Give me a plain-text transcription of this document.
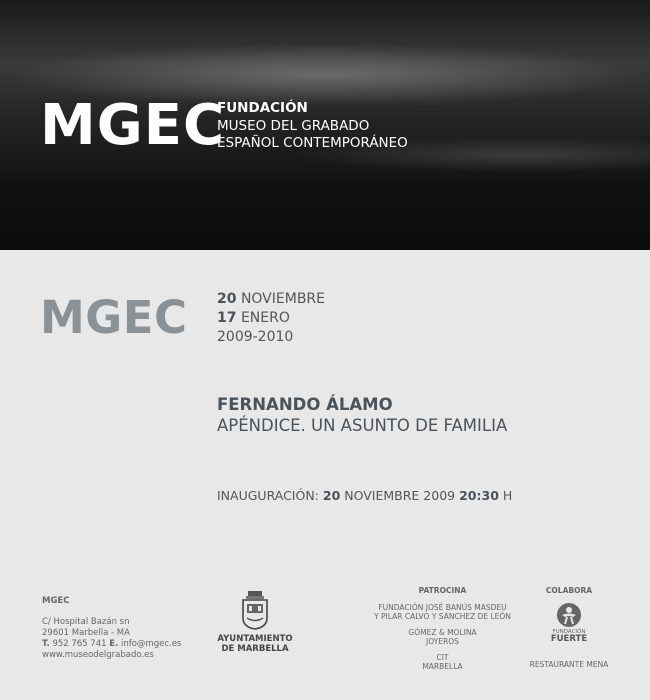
MGEC
FUNDACIÓN
MUSEO DEL GRABADO
ESPAÑOL CONTEMPORÁNEO
MGEC 20 NOVIEMBRE
17 ENERO
2009-2010
FERNANDO ÁLAMO
APÉNDICE. UN ASUNTO DE FAMILIA
INAUGURACIÓN: 20 NOVIEMBRE 2009 20:30 H
MGEC
C/ Hospital Bazán sn
29601 Marbella - MA
T. 952 765 741 E. info@mgec.es
www.museodelgrabado.es
AYUNTAMIENTO
DE MARBELLA
PATROCINA
FUNDACIÓN JOSÉ BANÚS MASDEU
Y PILAR CALVO Y SÁNCHEZ DE LEÓN
GÓMEZ & MOLINA
JOYEROS
CIT
MARBELLA
COLABORA
FUNDACIÓN
FUERTE
RESTAURANTE MENA
